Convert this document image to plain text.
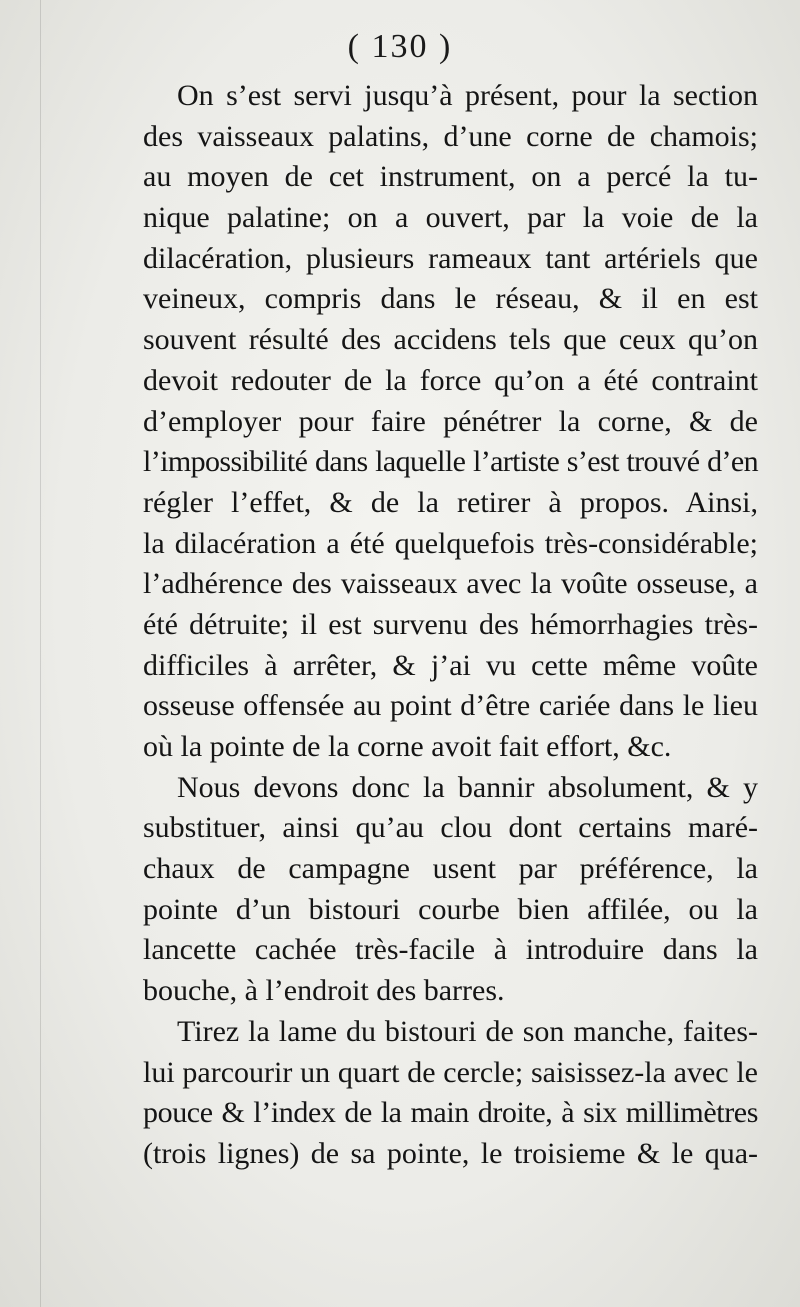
( 130 )
On s’est servi jusqu’à présent, pour la section
des vaisseaux palatins, d’une corne de chamois;
au moyen de cet instrument, on a percé la tu-
nique palatine; on a ouvert, par la voie de la
dilacération, plusieurs rameaux tant artériels que
veineux, compris dans le réseau, & il en est
souvent résulté des accidens tels que ceux qu’on
devoit redouter de la force qu’on a été contraint
d’employer pour faire pénétrer la corne, & de
l’impossibilité dans laquelle l’artiste s’est trouvé d’en
régler l’effet, & de la retirer à propos. Ainsi,
la dilacération a été quelquefois très-considérable;
l’adhérence des vaisseaux avec la voûte osseuse, a
été détruite; il est survenu des hémorrhagies très-
difficiles à arrêter, & j’ai vu cette même voûte
osseuse offensée au point d’être cariée dans le lieu
où la pointe de la corne avoit fait effort, &c.
Nous devons donc la bannir absolument, & y
substituer, ainsi qu’au clou dont certains maré-
chaux de campagne usent par préférence, la
pointe d’un bistouri courbe bien affilée, ou la
lancette cachée très-facile à introduire dans la
bouche, à l’endroit des barres.
Tirez la lame du bistouri de son manche, faites-
lui parcourir un quart de cercle; saisissez-la avec le
pouce & l’index de la main droite, à six millimètres
(trois lignes) de sa pointe, le troisieme & le qua-
